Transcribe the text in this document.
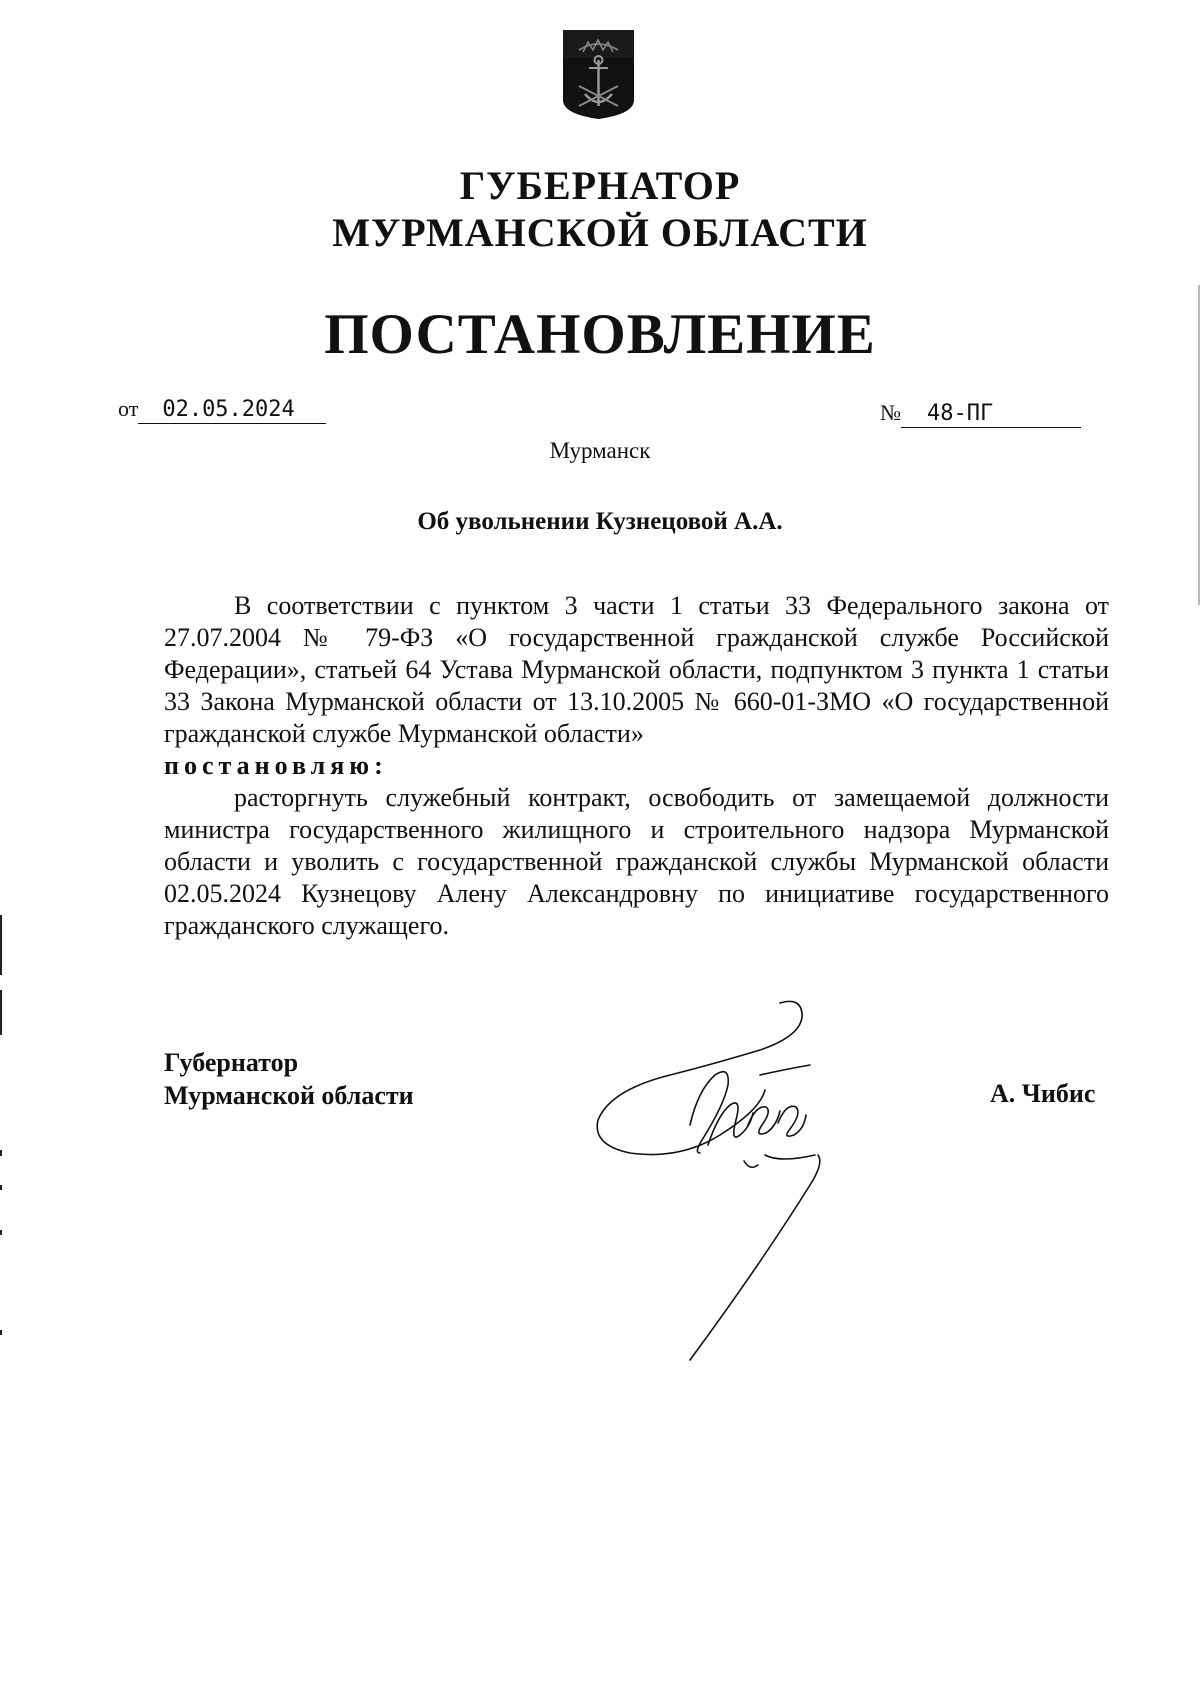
ГУБЕРНАТОР
МУРМАНСКОЙ ОБЛАСТИ
ПОСТАНОВЛЕНИЕ
от 02.05.2024	№ 48-ПГ
Мурманск
Об увольнении Кузнецовой А.А.

В соответствии с пунктом 3 части 1 статьи 33 Федерального закона от 27.07.2004 № 79-ФЗ «О государственной гражданской службе Российской Федерации», статьей 64 Устава Мурманской области, подпунктом 3 пункта 1 статьи 33 Закона Мурманской области от 13.10.2005 № 660-01-ЗМО «О государственной гражданской службе Мурманской области»

постановляю:

расторгнуть служебный контракт, освободить от замещаемой должности министра государственного жилищного и строительного надзора Мурманской области и уволить с государственной гражданской службы Мурманской области 02.05.2024 Кузнецову Алену Александровну по инициативе государственного гражданского служащего.

Губернатор
Мурманской области	А. Чибис
